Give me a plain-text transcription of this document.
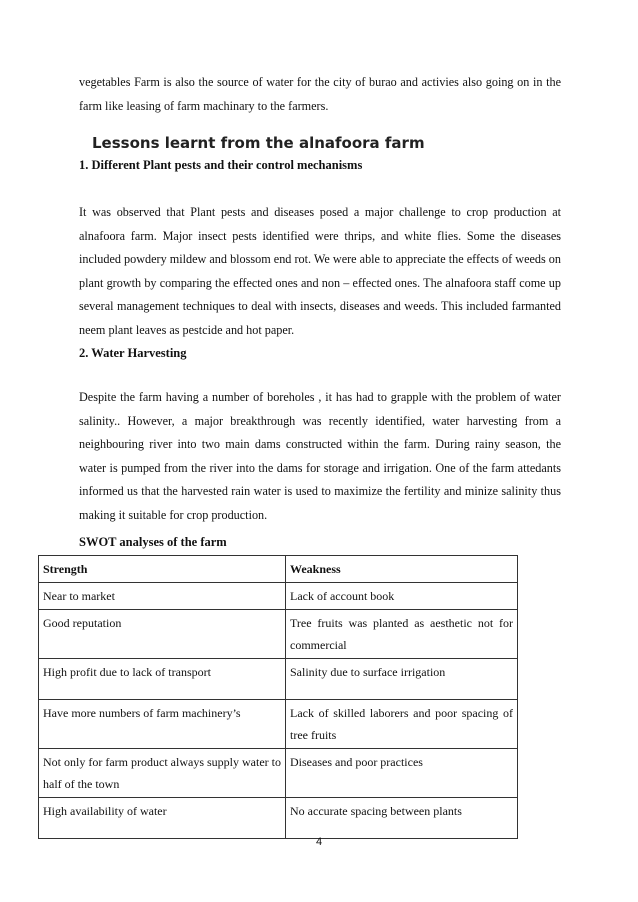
vegetables Farm is also the source of water for the city of burao and activies also going on in the farm like leasing of farm machinary to the farmers.

Lessons learnt from the alnafoora farm
1. Different Plant pests and their control mechanisms

It was observed that Plant pests and diseases posed a major challenge to crop production at alnafoora farm. Major insect pests identified were thrips, and white flies. Some the diseases included powdery mildew and blossom end rot. We were able to appreciate the effects of weeds on plant growth by comparing the effected ones and non – effected ones. The alnafoora staff come up several management techniques to deal with insects, diseases and weeds. This included farmanted neem plant leaves as pestcide and hot paper.

2. Water Harvesting

Despite the farm having a number of boreholes , it has had to grapple with the problem of water salinity.. However, a major breakthrough was recently identified, water harvesting from a neighbouring river into two main dams constructed within the farm. During rainy season, the water is pumped from the river into the dams for storage and irrigation. One of the farm attedants informed us that the harvested rain water is used to maximize the fertility and minize salinity thus making it suitable for crop production.

SWOT analyses of the farm
Strength	Weakness
Near to market	Lack of account book
Good reputation	Tree fruits was planted as aesthetic not for commercial
High profit due to lack of transport	Salinity due to surface irrigation
Have more numbers of farm machinery’s	Lack of skilled laborers and poor spacing of tree fruits
Not only for farm product always supply water to half of the town	Diseases and poor practices
High availability of water	No accurate spacing between plants
4
